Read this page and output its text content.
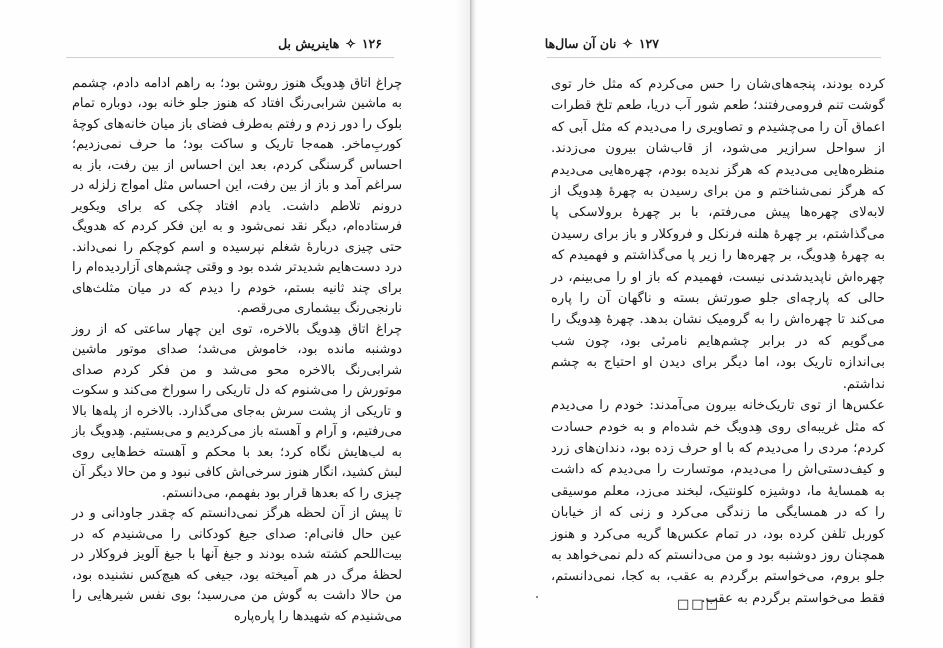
۱۲۶
✧
هاینریش بل

چراغ اتاق هِدویگ هنوز روشن بود؛ به راهم ادامه دادم، چشمم به ماشین شرابی‌رنگ افتاد که هنوز جلو خانه بود، دوباره تمام بلوک را دور زدم و رفتم به‌طرف فضای باز میان خانه‌های کوچهٔ کوربِ‌ماخر. همه‌جا تاریک و ساکت بود؛ ما حرف نمی‌زدیم؛ احساس گرسنگی کردم، بعد این احساس از بین رفت، باز به سراغم آمد و باز از بین رفت، این احساس مثل امواج زلزله در درونم تلاطم داشت. یادم افتاد چکی که برای ویکویر فرستاده‌ام، دیگر نقد نمی‌شود و به این فکر کردم که هدویگ حتی چیزی دربارهٔ شغلم نپرسیده و اسم کوچکم را نمی‌داند. درد دست‌هایم شدیدتر شده بود و وقتی چشم‌های آزاردیده‌ام را برای چند ثانیه بستم، خودم را دیدم که در میان مثلث‌های نارنجی‌رنگ بیشماری می‌رقصم.

چراغ اتاق هِدویگ بالاخره، توی این چهار ساعتی که از روز دوشنبه مانده بود، خاموش می‌شد؛ صدای موتور ماشین شرابی‌رنگ بالاخره محو می‌شد و من فکر کردم صدای موتورش را می‌شنوم که دل تاریکی را سوراخ می‌کند و سکوت و تاریکی از پشت سرش به‌جای می‌گذارد. بالاخره از پله‌ها بالا می‌رفتیم، و آرام و آهسته باز می‌کردیم و می‌بستیم. هِدویگ باز به لب‌هایش نگاه کرد؛ بعد با محکم و آهسته خط‌هایی روی لبش کشید، انگار هنوز سرخی‌اش کافی نبود و من حالا دیگر آن چیزی را که بعدها قرار بود بفهمم، می‌دانستم.

تا پیش از آن لحظه هرگز نمی‌دانستم که چقدر جاودانی و در عین حال فانی‌ام: صدای جیغ کودکانی را می‌شنیدم که در بیت‌اللحم کشته شده بودند و جیغ آنها با جیغ آلویز فروکلار در لحظهٔ مرگ در هم آمیخته بود، جیغی که هیچ‌کس نشنیده بود، من حالا داشت به گوش من می‌رسید؛ بوی نفس شیرهایی را می‌شنیدم که شهیدها را پاره‌پاره

۱۲۷
✧
نان آن سال‌ها

کرده بودند، پنجه‌های‌شان را حس می‌کردم که مثل خار توی گوشت تنم فرومی‌رفتند؛ طعم شور آب دریا، طعم تلخ قطرات اعماق آن را می‌چشیدم و تصاویری را می‌دیدم که مثل آبی که از سواحل سرازیر می‌شود، از قاب‌شان بیرون می‌زدند. منظره‌هایی می‌دیدم که هرگز ندیده بودم، چهره‌هایی می‌دیدم که هرگز نمی‌شناختم و من برای رسیدن به چهرهٔ هِدویگ از لابه‌لای چهره‌ها پیش می‌رفتم، با بر چهرهٔ برولاسکی پا می‌گذاشتم، بر چهرهٔ هلنه فرنکل و فروکلار و باز برای رسیدن به چهرهٔ هِدویگ، بر چهره‌ها را زیر پا می‌گذاشتم و فهمیدم که چهره‌اش ناپدیدشدنی نیست، فهمیدم که باز او را می‌بینم، در حالی که پارچه‌ای جلو صورتش بسته و ناگهان آن را پاره می‌کند تا چهره‌اش را به گرومیک نشان بدهد. چهرهٔ هِدویگ را می‌گویم که در برابر چشم‌هایم نامرئی بود، چون شب بی‌اندازه تاریک بود، اما دیگر برای دیدن او احتیاج به چشم نداشتم.

عکس‌ها از توی تاریک‌خانه بیرون می‌آمدند: خودم را می‌دیدم که مثل غریبه‌ای روی هِدویگ خم شده‌ام و به خودم حسادت کردم؛ مردی را می‌دیدم که با او حرف زده بود، دندان‌های زرد و کیف‌دستی‌اش را می‌دیدم، موتسارت را می‌دیدم که داشت به همسایهٔ ما، دوشیزه کلونتیک، لبخند می‌زد، معلم موسیقی را که در همسایگی ما زندگی می‌کرد و زنی که از خیابان کوربل تلفن کرده بود، در تمام عکس‌ها گریه می‌کرد و هنوز همچنان روز دوشنبه بود و من می‌دانستم که دلم نمی‌خواهد به جلو بروم، می‌خواستم برگردم به عقب، به کجا، نمی‌دانستم، فقط می‌خواستم برگردم به عقب.

□□□
